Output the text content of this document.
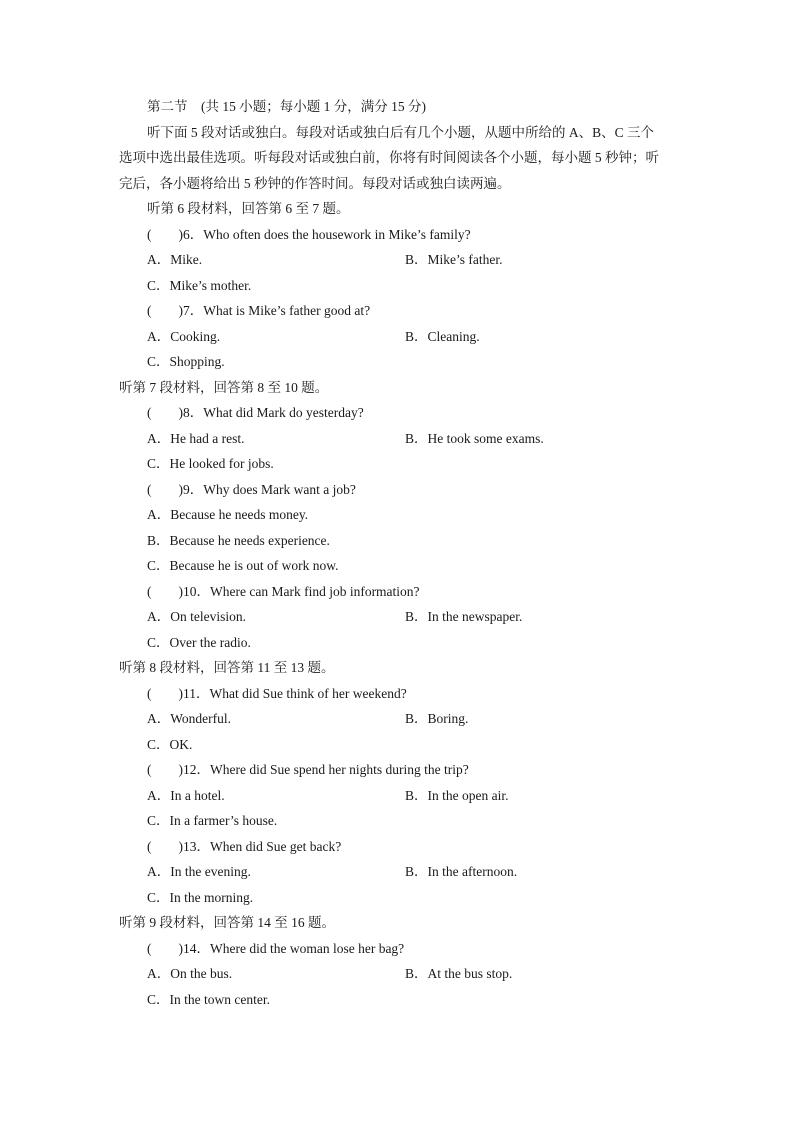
第二节　(共 15 小题；每小题 1 分，满分 15 分)
听下面 5 段对话或独白。每段对话或独白后有几个小题，从题中所给的 A、B、C 三个
选项中选出最佳选项。听每段对话或独白前，你将有时间阅读各个小题，每小题 5 秒钟；听
完后，各小题将给出 5 秒钟的作答时间。每段对话或独白读两遍。
听第 6 段材料，回答第 6 至 7 题。
(　　)6．Who often does the housework in Mike’s family?
A．Mike.	B．Mike’s father.
C．Mike’s mother.
(　　)7．What is Mike’s father good at?
A．Cooking.	B．Cleaning.
C．Shopping.
听第 7 段材料，回答第 8 至 10 题。
(　　)8．What did Mark do yesterday?
A．He had a rest.	B．He took some exams.
C．He looked for jobs.
(　　)9．Why does Mark want a job?
A．Because he needs money.
B．Because he needs experience.
C．Because he is out of work now.
(　　)10．Where can Mark find job information?
A．On television.	B．In the newspaper.
C．Over the radio.
听第 8 段材料，回答第 11 至 13 题。
(　　)11．What did Sue think of her weekend?
A．Wonderful.	B．Boring.
C．OK.
(　　)12．Where did Sue spend her nights during the trip?
A．In a hotel.	B．In the open air.
C．In a farmer’s house.
(　　)13．When did Sue get back?
A．In the evening.	B．In the afternoon.
C．In the morning.
听第 9 段材料，回答第 14 至 16 题。
(　　)14．Where did the woman lose her bag?
A．On the bus.	B．At the bus stop.
C．In the town center.
